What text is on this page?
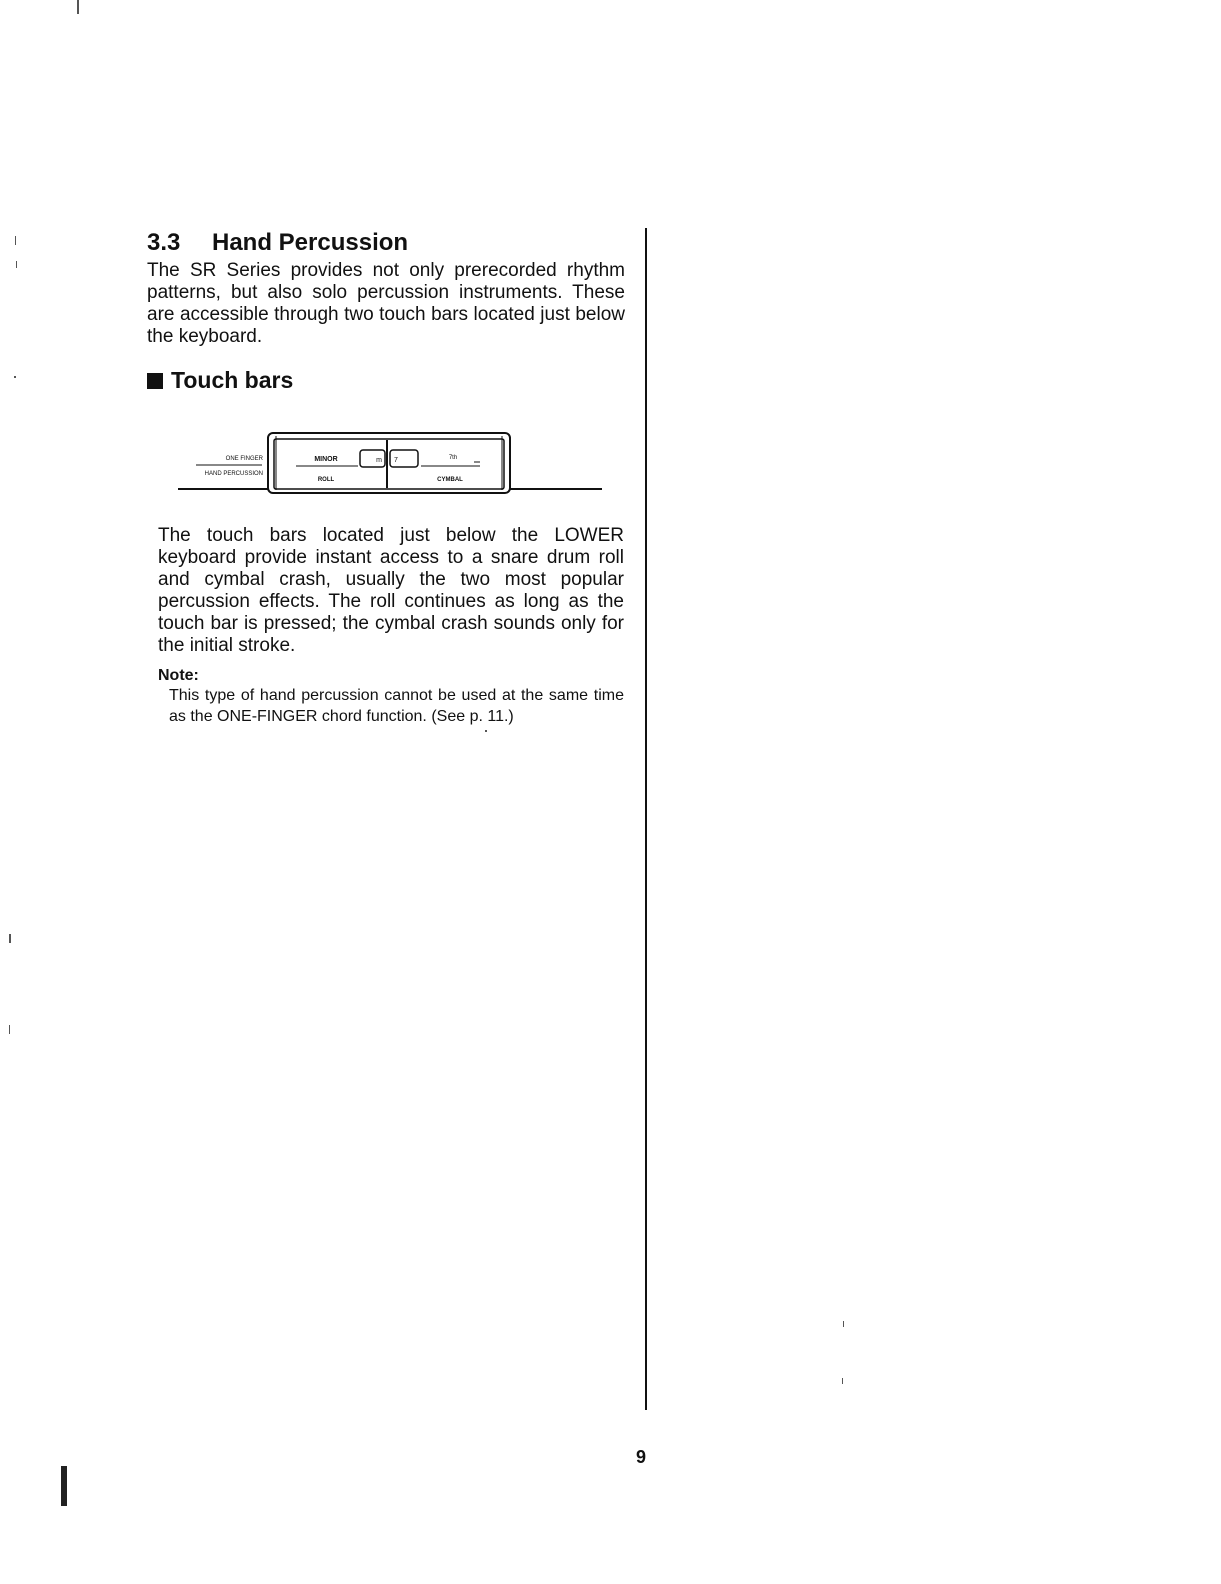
3.3 Hand Percussion

The SR Series provides not only prerecorded rhythm patterns, but also solo percussion instruments. These are accessible through two touch bars located just below the keyboard.

Touch bars
ONE FINGER
HAND PERCUSSION
MINOR	m 7	7th
ROLL	CYMBAL

The touch bars located just below the LOWER keyboard provide instant access to a snare drum roll and cymbal crash, usually the two most popular percussion effects. The roll continues as long as the touch bar is pressed; the cymbal crash sounds only for the initial stroke.

Note:

This type of hand percussion cannot be used at the same time as the ONE-FINGER chord function. (See p. 11.)

9
